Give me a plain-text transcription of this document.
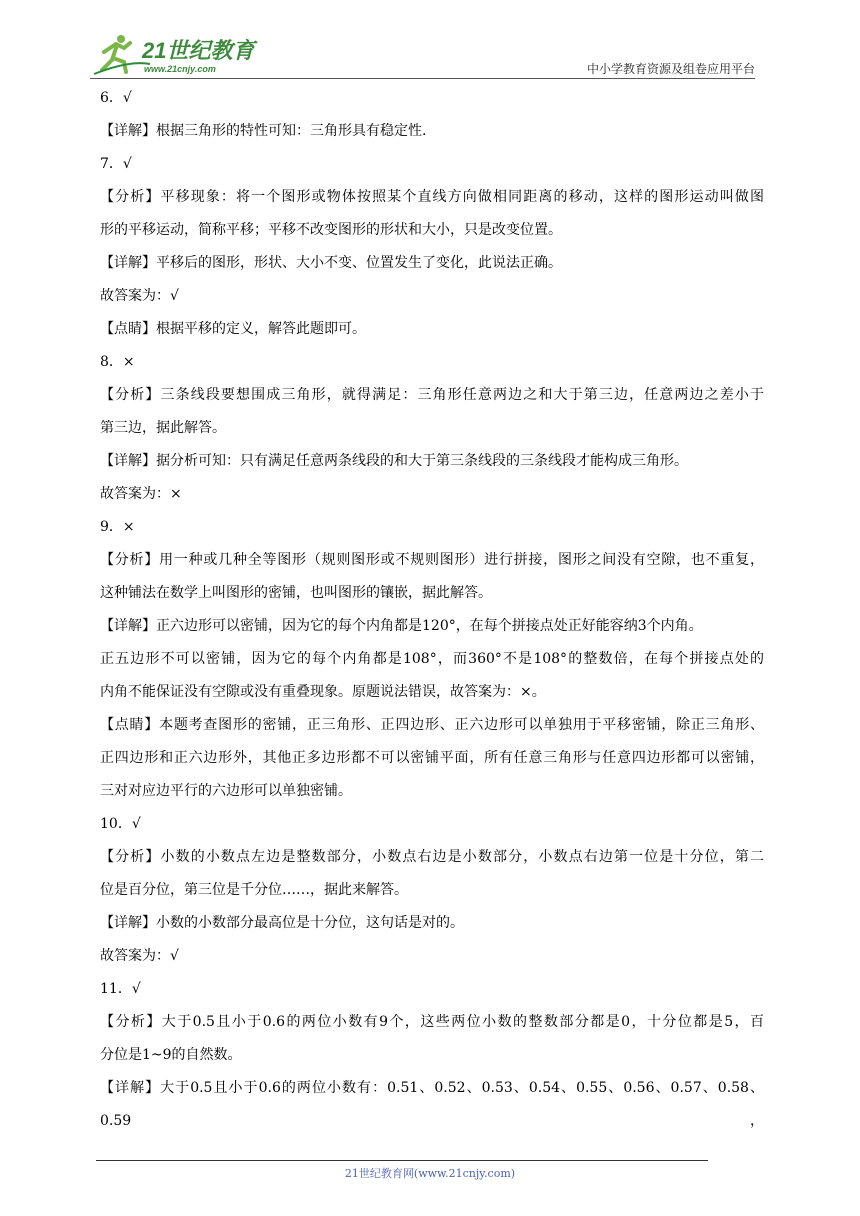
21世纪教育
www.21cnjy.com	中小学教育资源及组卷应用平台
6．√
【详解】根据三角形的特性可知：三角形具有稳定性.
7．√
【分析】平移现象：将一个图形或物体按照某个直线方向做相同距离的移动，这样的图形运动叫做图
形的平移运动，简称平移；平移不改变图形的形状和大小，只是改变位置。
【详解】平移后的图形，形状、大小不变、位置发生了变化，此说法正确。
故答案为：√
【点睛】根据平移的定义，解答此题即可。
8．×
【分析】三条线段要想围成三角形，就得满足：三角形任意两边之和大于第三边，任意两边之差小于
第三边，据此解答。
【详解】据分析可知：只有满足任意两条线段的和大于第三条线段的三条线段才能构成三角形。
故答案为：×
9．×
【分析】用一种或几种全等图形（规则图形或不规则图形）进行拼接，图形之间没有空隙，也不重复，
这种铺法在数学上叫图形的密铺，也叫图形的镶嵌，据此解答。
【详解】正六边形可以密铺，因为它的每个内角都是120°，在每个拼接点处正好能容纳3个内角。
正五边形不可以密铺，因为它的每个内角都是108°，而360°不是108°的整数倍，在每个拼接点处的
内角不能保证没有空隙或没有重叠现象。原题说法错误，故答案为：×。
【点睛】本题考查图形的密铺，正三角形、正四边形、正六边形可以单独用于平移密铺，除正三角形、
正四边形和正六边形外，其他正多边形都不可以密铺平面，所有任意三角形与任意四边形都可以密铺，
三对对应边平行的六边形可以单独密铺。
10．√
【分析】小数的小数点左边是整数部分，小数点右边是小数部分，小数点右边第一位是十分位，第二
位是百分位，第三位是千分位……，据此来解答。
【详解】小数的小数部分最高位是十分位，这句话是对的。
故答案为：√
11．√
【分析】大于0.5且小于0.6的两位小数有9个，这些两位小数的整数部分都是0，十分位都是5，百
分位是1~9的自然数。
【详解】大于0.5且小于0.6的两位小数有：0.51、0.52、0.53、0.54、0.55、0.56、0.57、0.58、0.59，
21世纪教育网(www.21cnjy.com)
